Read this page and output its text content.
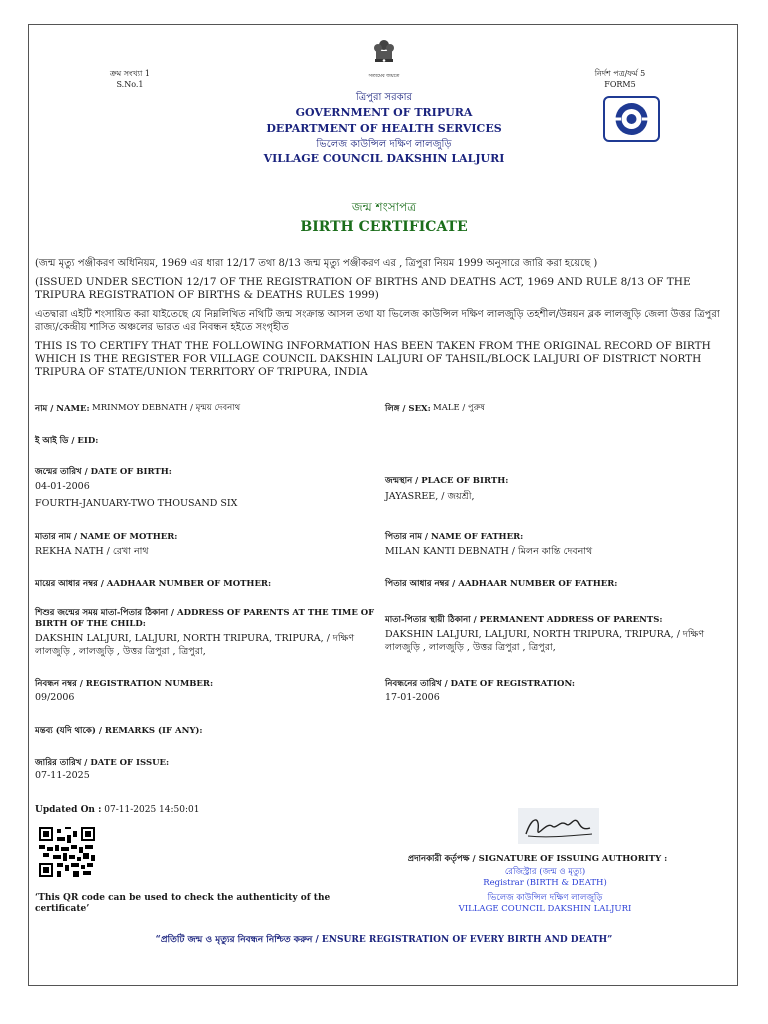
সত্যমেব জয়তে
ক্রম সংখ্যা 1
S.No.1
নির্দশ পত্র/ফর্ম 5
FORM5
ত্রিপুরা সরকার
GOVERNMENT OF TRIPURA
DEPARTMENT OF HEALTH SERVICES
ভিলেজ কাউন্সিল দক্ষিণ লালজুড়ি
VILLAGE COUNCIL DAKSHIN LALJURI
জন্ম শংসাপত্র
BIRTH CERTIFICATE

(জন্ম মৃত্যু পঞ্জীকরণ অধিনিয়ম, 1969 এর ধারা 12/17 তথা 8/13 জন্ম মৃত্যু পঞ্জীকরণ এর , ত্রিপুরা নিয়ম 1999 অনুসারে জারি করা হয়েছে )

(ISSUED UNDER SECTION 12/17 OF THE REGISTRATION OF BIRTHS AND DEATHS ACT, 1969 AND RULE 8/13 OF THE TRIPURA REGISTRATION OF BIRTHS & DEATHS RULES 1999)

এতদ্বারা এইটি শংসায়িত করা যাইতেছে যে নিম্নলিখিত নথিটি জন্ম সংক্রান্ত আসল তথা যা ভিলেজ কাউন্সিল দক্ষিণ লালজুড়ি তহশীল/উন্নয়ন ব্লক লালজুড়ি জেলা উত্তর ত্রিপুরা রাজ্য/কেন্দ্রীয় শাসিত অঞ্চলের ভারত এর নিবন্ধন হইতে সংগৃহীত

THIS IS TO CERTIFY THAT THE FOLLOWING INFORMATION HAS BEEN TAKEN FROM THE ORIGINAL RECORD OF BIRTH WHICH IS THE REGISTER FOR VILLAGE COUNCIL DAKSHIN LALJURI OF TAHSIL/BLOCK LALJURI OF DISTRICT NORTH TRIPURA OF STATE/UNION TERRITORY OF TRIPURA, INDIA

নাম / NAME: MRINMOY DEBNATH / মৃন্ময় দেবনাথ	লিঙ্গ / SEX: MALE / পুরুষ
ই আই ডি / EID:
জন্মের তারিখ / DATE OF BIRTH:
04-01-2006
FOURTH-JANUARY-TWO THOUSAND SIX
জন্মস্থান / PLACE OF BIRTH:
JAYASREE, / জয়শ্রী,
মাতার নাম / NAME OF MOTHER:
REKHA NATH / রেখা নাথ
পিতার নাম / NAME OF FATHER:
MILAN KANTI DEBNATH / মিলন কান্তি দেবনাথ
মায়ের আধার নম্বর / AADHAAR NUMBER OF MOTHER:	পিতার আধার নম্বর / AADHAAR NUMBER OF FATHER:
শিশুর জন্মের সময় মাতা-পিতার ঠিকানা / ADDRESS OF PARENTS AT THE TIME OF BIRTH OF THE CHILD:
DAKSHIN LALJURI, LALJURI, NORTH TRIPURA, TRIPURA, / দক্ষিণ লালজুড়ি , লালজুড়ি , উত্তর ত্রিপুরা , ত্রিপুরা,
মাতা-পিতার স্থায়ী ঠিকানা / PERMANENT ADDRESS OF PARENTS:
DAKSHIN LALJURI, LALJURI, NORTH TRIPURA, TRIPURA, / দক্ষিণ লালজুড়ি , লালজুড়ি , উত্তর ত্রিপুরা , ত্রিপুরা,
নিবন্ধন নম্বর / REGISTRATION NUMBER:
09/2006
নিবন্ধনের তারিখ / DATE OF REGISTRATION:
17-01-2006
মন্তব্য (যদি থাকে) / REMARKS (IF ANY):
জারির তারিখ / DATE OF ISSUE:
07-11-2025
Updated On : 07-11-2025 14:50:01
‘This QR code can be used to check the authenticity of the certificate’
প্রদানকারী কর্তৃপক্ষ / SIGNATURE OF ISSUING AUTHORITY :
রেজিস্ট্রার (জন্ম ও মৃত্যু)
Registrar (BIRTH & DEATH)
ভিলেজ কাউন্সিল দক্ষিণ লালজুড়ি
VILLAGE COUNCIL DAKSHIN LALJURI
“প্রতিটি জন্ম ও মৃত্যুর নিবন্ধন নিশ্চিত করুন / ENSURE REGISTRATION OF EVERY BIRTH AND DEATH”
